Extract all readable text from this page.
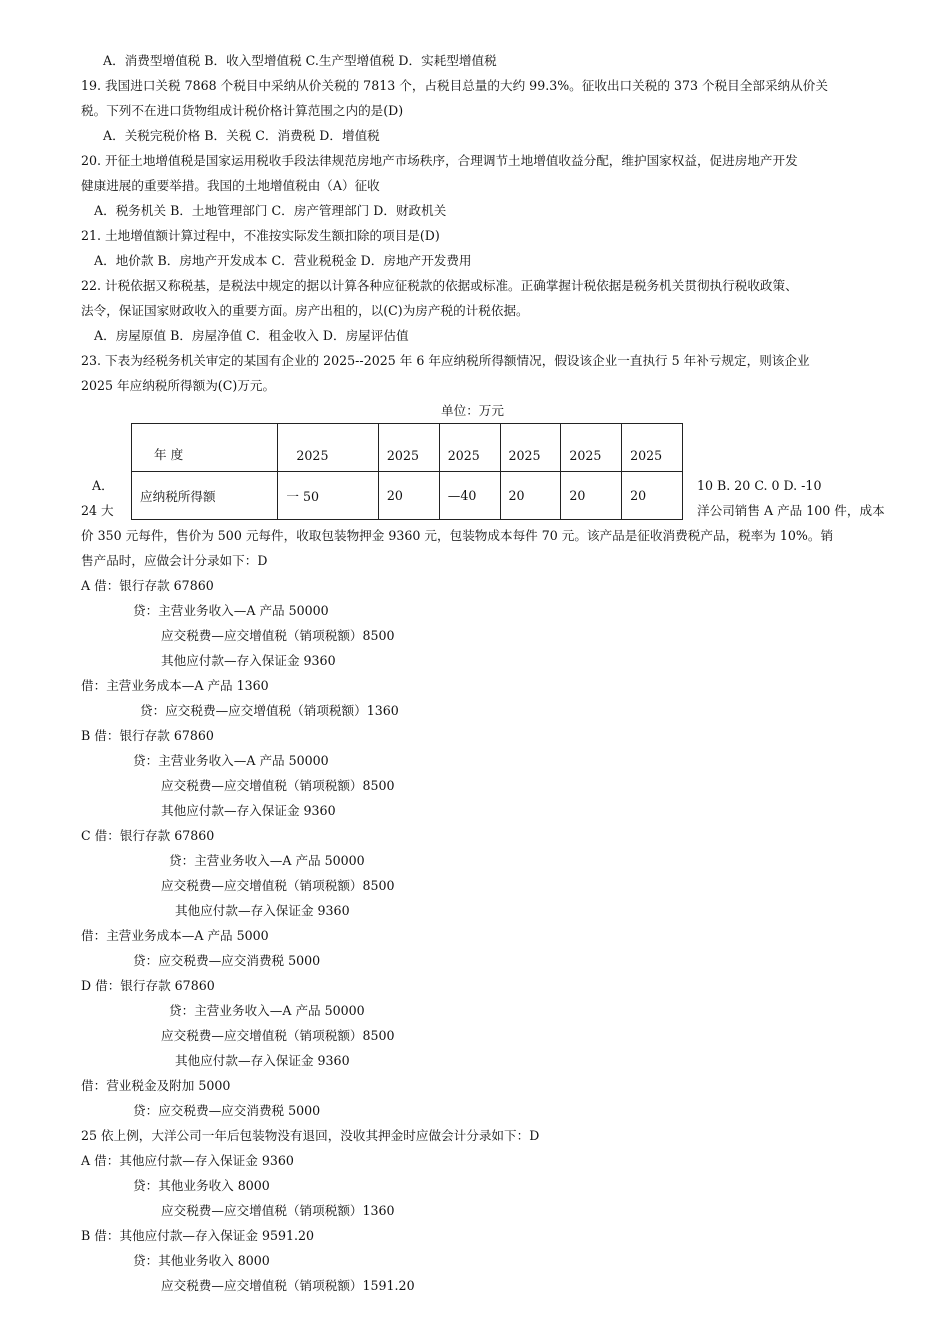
A．消费型增值税 B．收入型增值税 C.生产型增值税 D．实耗型增值税
19. 我国进口关税 7868 个税目中采纳从价关税的 7813 个，占税目总量的大约 99.3%。征收出口关税的 373 个税目全部采纳从价关
税。下列不在进口货物组成计税价格计算范围之内的是(D)
A．关税完税价格 B．关税 C．消费税 D．增值税
20. 开征土地增值税是国家运用税收手段法律规范房地产市场秩序，合理调节土地增值收益分配，维护国家权益，促进房地产开发
健康进展的重要举措。我国的土地增值税由（A）征收
A．税务机关 B．土地管理部门 C．房产管理部门 D．财政机关
21. 土地增值额计算过程中，不准按实际发生额扣除的项目是(D)
A．地价款 B．房地产开发成本 C．营业税税金 D．房地产开发费用
22. 计税依据又称税基，是税法中规定的据以计算各种应征税款的依据或标准。正确掌握计税依据是税务机关贯彻执行税收政策、
法令，保证国家财政收入的重要方面。房产出租的，以(C)为房产税的计税依据。
A．房屋原值 B．房屋净值 C．租金收入 D．房屋评估值
23. 下表为经税务机关审定的某国有企业的 2025--2025 年 6 年应纳税所得额情况，假设该企业一直执行 5 年补亏规定，则该企业
2025 年应纳税所得额为(C)万元。
单位：万元
年 度	2025	2025	2025	2025	2025	2025
应纳税所得额	一 50	20	—40	20	20	20
A．	10 B. 20 C. 0 D. -10
24 大	洋公司销售 A 产品 100 件，成本
价 350 元每件，售价为 500 元每件，收取包装物押金 9360 元，包装物成本每件 70 元。该产品是征收消费税产品，税率为 10%。销
售产品时，应做会计分录如下：D
A 借：银行存款 67860
贷：主营业务收入—A 产品 50000
应交税费—应交增值税（销项税额）8500
其他应付款—存入保证金 9360
借：主营业务成本—A 产品 1360
贷：应交税费—应交增值税（销项税额）1360
B 借：银行存款 67860
贷：主营业务收入—A 产品 50000
应交税费—应交增值税（销项税额）8500
其他应付款—存入保证金 9360
C 借：银行存款 67860
贷：主营业务收入—A 产品 50000
应交税费—应交增值税（销项税额）8500
其他应付款—存入保证金 9360
借：主营业务成本—A 产品 5000
贷：应交税费—应交消费税 5000
D 借：银行存款 67860
贷：主营业务收入—A 产品 50000
应交税费—应交增值税（销项税额）8500
其他应付款—存入保证金 9360
借：营业税金及附加 5000
贷：应交税费—应交消费税 5000
25 依上例，大洋公司一年后包装物没有退回，没收其押金时应做会计分录如下：D
A 借：其他应付款—存入保证金 9360
贷：其他业务收入 8000
应交税费—应交增值税（销项税额）1360
B 借：其他应付款—存入保证金 9591.20
贷：其他业务收入 8000
应交税费—应交增值税（销项税额）1591.20
